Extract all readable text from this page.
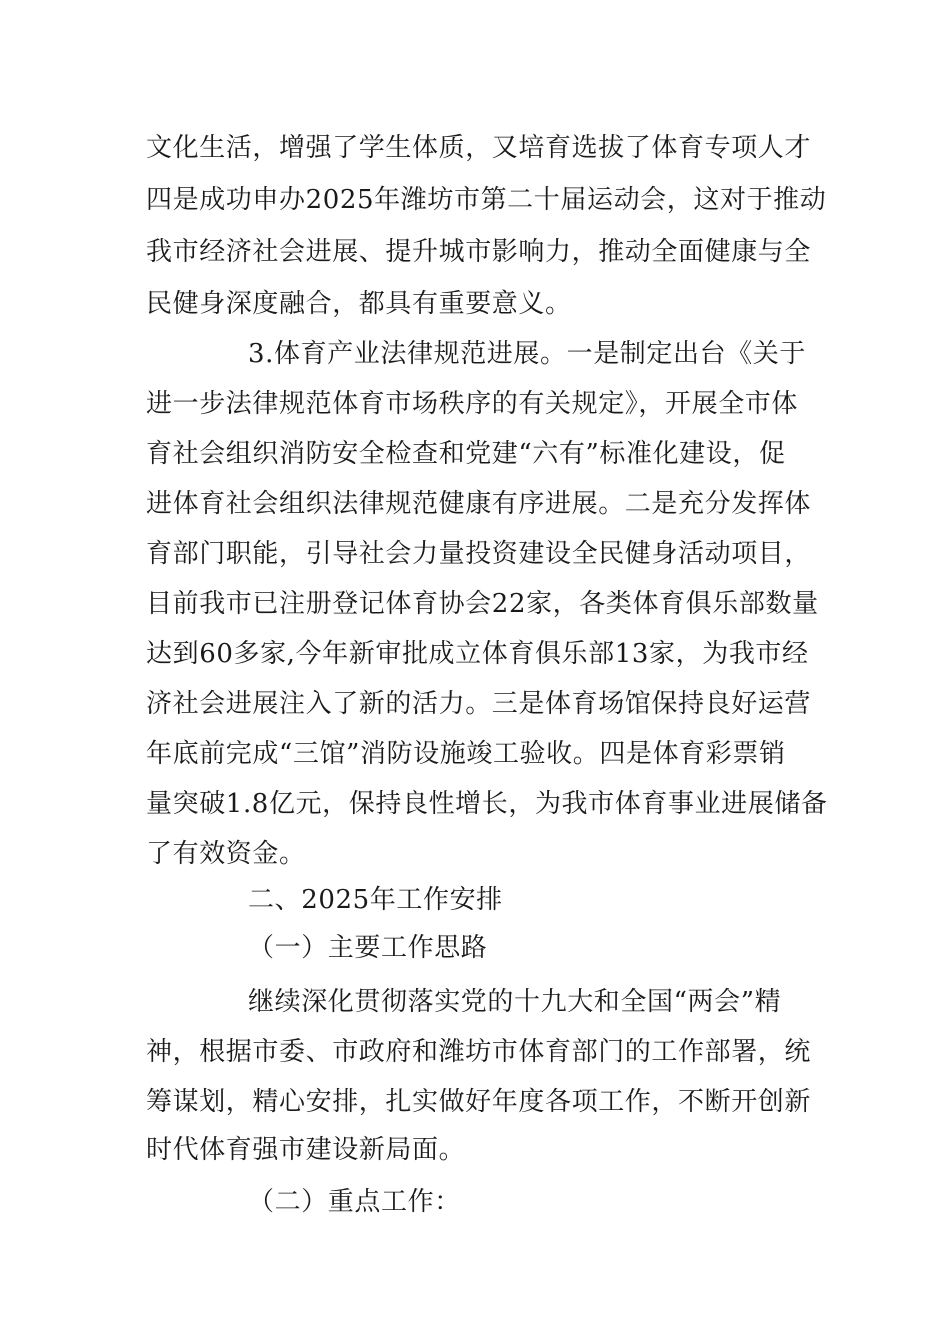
文化生活，增强了学生体质，又培育选拔了体育专项人才
四是成功申办2025年潍坊市第二十届运动会，这对于推动
我市经济社会进展、提升城市影响力，推动全面健康与全
民健身深度融合，都具有重要意义。
3.体育产业法律规范进展。一是制定出台《关于
进一步法律规范体育市场秩序的有关规定》，开展全市体
育社会组织消防安全检查和党建“六有”标准化建设，促
进体育社会组织法律规范健康有序进展。二是充分发挥体
育部门职能，引导社会力量投资建设全民健身活动项目，
目前我市已注册登记体育协会22家，各类体育俱乐部数量
达到60多家,今年新审批成立体育俱乐部13家，为我市经
济社会进展注入了新的活力。三是体育场馆保持良好运营
年底前完成“三馆”消防设施竣工验收。四是体育彩票销
量突破1.8亿元，保持良性增长，为我市体育事业进展储备
了有效资金。
二、2025年工作安排
（一）主要工作思路
继续深化贯彻落实党的十九大和全国“两会”精
神，根据市委、市政府和潍坊市体育部门的工作部署，统
筹谋划，精心安排，扎实做好年度各项工作，不断开创新
时代体育强市建设新局面。
（二）重点工作：
